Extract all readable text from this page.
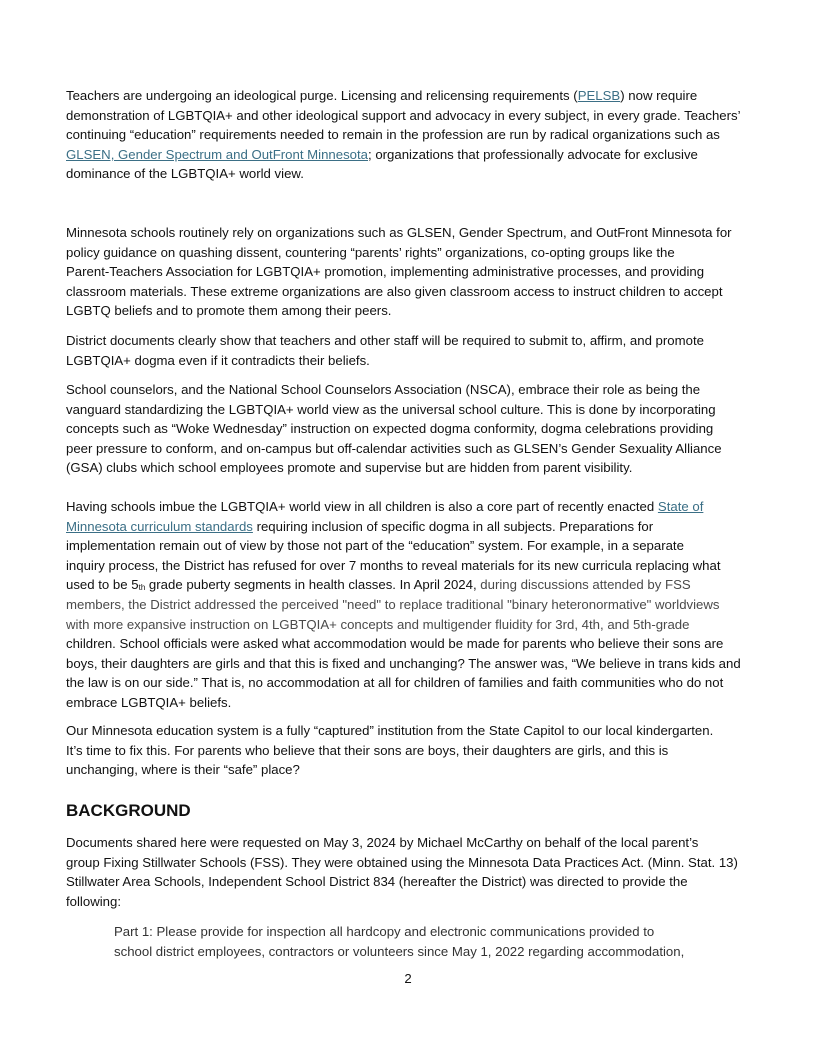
Teachers are undergoing an ideological purge. Licensing and relicensing requirements (PELSB) now require
demonstration of LGBTQIA+ and other ideological support and advocacy in every subject, in every grade. Teachers’
continuing “education” requirements needed to remain in the profession are run by radical organizations such as
GLSEN, Gender Spectrum and OutFront Minnesota; organizations that professionally advocate for exclusive
dominance of the LGBTQIA+ world view.
Minnesota schools routinely rely on organizations such as GLSEN, Gender Spectrum, and OutFront Minnesota for
policy guidance on quashing dissent, countering “parents’ rights” organizations, co-opting groups like the
Parent-Teachers Association for LGBTQIA+ promotion, implementing administrative processes, and providing
classroom materials. These extreme organizations are also given classroom access to instruct children to accept
LGBTQ beliefs and to promote them among their peers.
District documents clearly show that teachers and other staff will be required to submit to, affirm, and promote
LGBTQIA+ dogma even if it contradicts their beliefs.
School counselors, and the National School Counselors Association (NSCA), embrace their role as being the
vanguard standardizing the LGBTQIA+ world view as the universal school culture. This is done by incorporating
concepts such as “Woke Wednesday” instruction on expected dogma conformity, dogma celebrations providing
peer pressure to conform, and on-campus but off-calendar activities such as GLSEN’s Gender Sexuality Alliance
(GSA) clubs which school employees promote and supervise but are hidden from parent visibility.
Having schools imbue the LGBTQIA+ world view in all children is also a core part of recently enacted State of
Minnesota curriculum standards requiring inclusion of specific dogma in all subjects. Preparations for
implementation remain out of view by those not part of the “education” system. For example, in a separate
inquiry process, the District has refused for over 7 months to reveal materials for its new curricula replacing what
used to be $5_{th}$ grade puberty segments in health classes. In April 2024, during discussions attended by FSS
members, the District addressed the perceived "need" to replace traditional "binary heteronormative" worldviews
with more expansive instruction on LGBTQIA+ concepts and multigender fluidity for 3rd, 4th, and 5th-grade
children. School officials were asked what accommodation would be made for parents who believe their sons are
boys, their daughters are girls and that this is fixed and unchanging? The answer was, “We believe in trans kids and
the law is on our side.” That is, no accommodation at all for children of families and faith communities who do not
embrace LGBTQIA+ beliefs.
Our Minnesota education system is a fully “captured” institution from the State Capitol to our local kindergarten.
It’s time to fix this. For parents who believe that their sons are boys, their daughters are girls, and this is
unchanging, where is their “safe” place?
BACKGROUND
Documents shared here were requested on May 3, 2024 by Michael McCarthy on behalf of the local parent’s
group Fixing Stillwater Schools (FSS). They were obtained using the Minnesota Data Practices Act. (Minn. Stat. 13)
Stillwater Area Schools, Independent School District 834 (hereafter the District) was directed to provide the
following:
Part 1: Please provide for inspection all hardcopy and electronic communications provided to
school district employees, contractors or volunteers since May 1, 2022 regarding accommodation,
2
